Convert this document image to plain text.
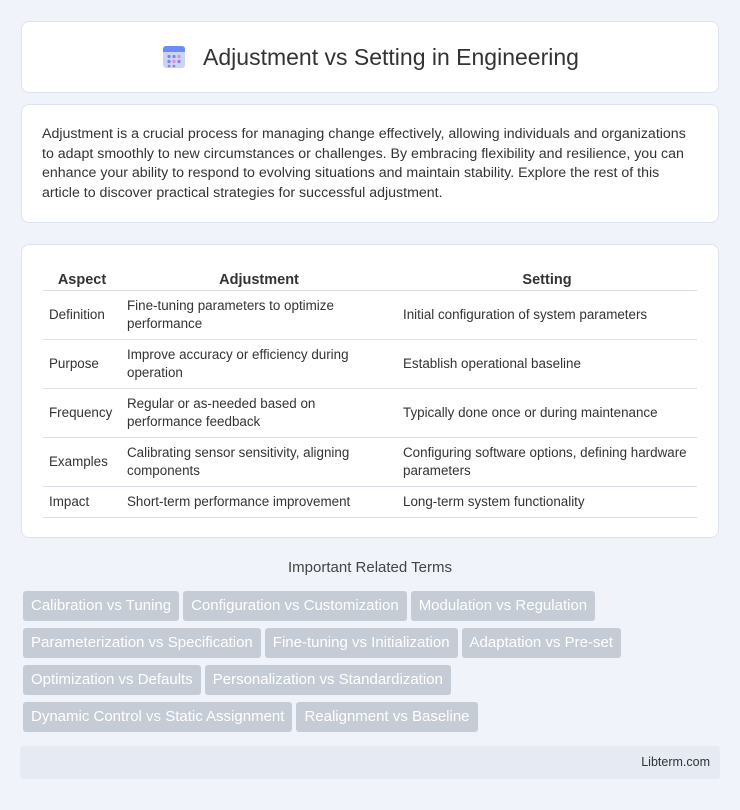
Adjustment vs Setting in Engineering

Adjustment is a crucial process for managing change effectively, allowing individuals and organizations to adapt smoothly to new circumstances or challenges. By embracing flexibility and resilience, you can enhance your ability to respond to evolving situations and maintain stability. Explore the rest of this article to discover practical strategies for successful adjustment.

Aspect	Adjustment	Setting
Definition	Fine-tuning parameters to optimize performance	Initial configuration of system parameters
Purpose	Improve accuracy or efficiency during operation	Establish operational baseline
Frequency	Regular or as-needed based on performance feedback	Typically done once or during maintenance
Examples	Calibrating sensor sensitivity, aligning components	Configuring software options, defining hardware parameters
Impact	Short-term performance improvement	Long-term system functionality
Important Related Terms
Calibration vs Tuning Configuration vs Customization Modulation vs Regulation
Parameterization vs Specification Fine-tuning vs Initialization Adaptation vs Pre-set
Optimization vs Defaults Personalization vs Standardization
Dynamic Control vs Static Assignment Realignment vs Baseline
Libterm.com
